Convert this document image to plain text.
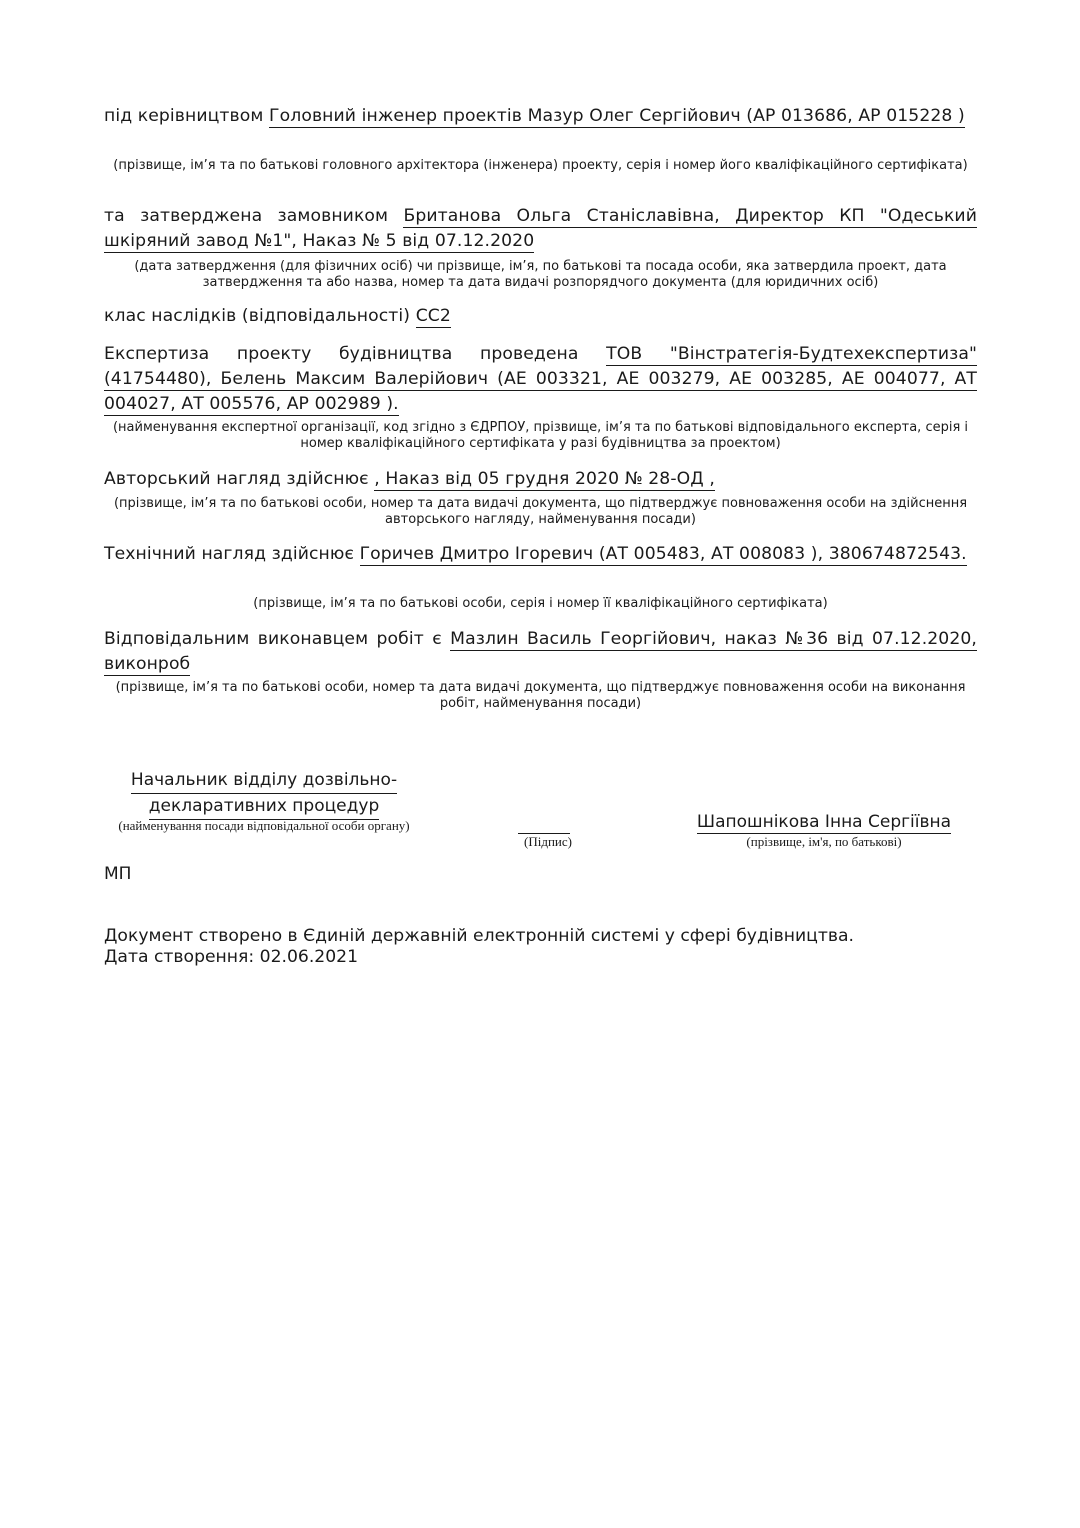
під керівництвом Головний інженер проектів Мазур Олег Сергійович (АР 013686, АР 015228 )
(прізвище, ім’я та по батькові головного архітектора (інженера) проекту, серія і номер його кваліфікаційного сертифіката)
та затверджена замовником Британова Ольга Станіславівна, Директор КП "Одеський шкіряний завод №1", Наказ № 5 від 07.12.2020
(дата затвердження (для фізичних осіб) чи прізвище, ім’я, по батькові та посада особи, яка затвердила проект, дата затвердження та або назва, номер та дата видачі розпорядчого документа (для юридичних осіб)
клас наслідків (відповідальності) СС2
Експертиза проекту будівництва проведена ТОВ "Вінстратегія-Будтехекспертиза" (41754480), Белень Максим Валерійович (АЕ 003321, АЕ 003279, АЕ 003285, АЕ 004077, АТ 004027, АТ 005576, АР 002989 ).
(найменування експертної організації, код згідно з ЄДРПОУ, прізвище, ім’я та по батькові відповідального експерта, серія і номер кваліфікаційного сертифіката у разі будівництва за проектом)
Авторський нагляд здійснює , Наказ від 05 грудня 2020 № 28-ОД ,
(прізвище, ім’я та по батькові особи, номер та дата видачі документа, що підтверджує повноваження особи на здійснення авторського нагляду, найменування посади)
Технічний нагляд здійснює Горичев Дмитро Ігоревич (АТ 005483, АТ 008083 ), 380674872543.
(прізвище, ім’я та по батькові особи, серія і номер її кваліфікаційного сертифіката)
Відповідальним виконавцем робіт є Мазлин Василь Георгійович, наказ №36 від 07.12.2020, виконроб
(прізвище, ім’я та по батькові особи, номер та дата видачі документа, що підтверджує повноваження особи на виконання робіт, найменування посади)
Начальник відділу дозвільно-
декларативних процедур
(найменування посади відповідальної особи органу)
(Підпис)
Шапошнікова Інна Сергіївна
(прізвище, ім'я, по батькові)
МП
Документ створено в Єдиній державній електронній системі у сфері будівництва.
Дата створення: 02.06.2021
